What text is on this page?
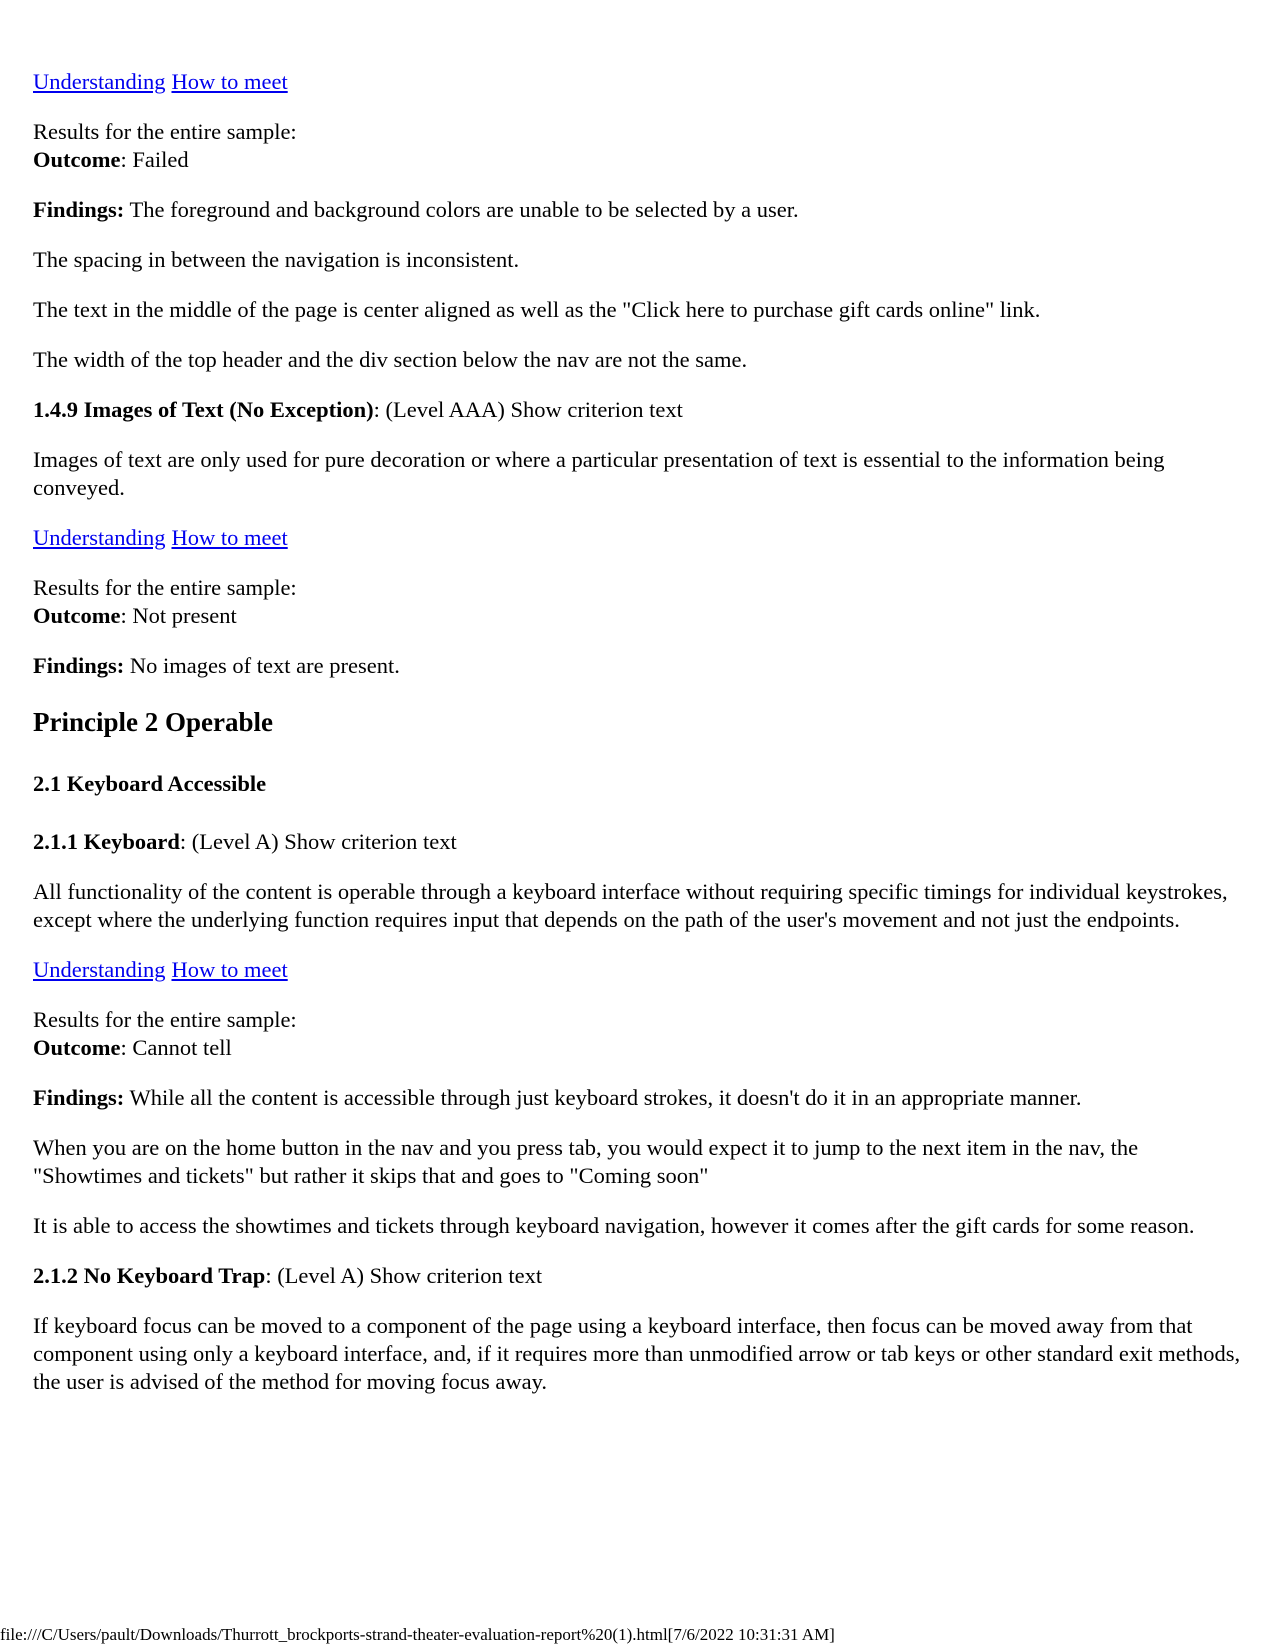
Understanding How to meet

Results for the entire sample:
Outcome: Failed

Findings: The foreground and background colors are unable to be selected by a user.

The spacing in between the navigation is inconsistent.

The text in the middle of the page is center aligned as well as the "Click here to purchase gift cards online" link.

The width of the top header and the div section below the nav are not the same.

1.4.9 Images of Text (No Exception): (Level AAA) Show criterion text

Images of text are only used for pure decoration or where a particular presentation of text is essential to the information being conveyed.

Understanding How to meet

Results for the entire sample:
Outcome: Not present

Findings: No images of text are present.

Principle 2 Operable
2.1 Keyboard Accessible

2.1.1 Keyboard: (Level A) Show criterion text

All functionality of the content is operable through a keyboard interface without requiring specific timings for individual keystrokes, except where the underlying function requires input that depends on the path of the user's movement and not just the endpoints.

Understanding How to meet

Results for the entire sample:
Outcome: Cannot tell

Findings: While all the content is accessible through just keyboard strokes, it doesn't do it in an appropriate manner.

When you are on the home button in the nav and you press tab, you would expect it to jump to the next item in the nav, the "Showtimes and tickets" but rather it skips that and goes to "Coming soon"

It is able to access the showtimes and tickets through keyboard navigation, however it comes after the gift cards for some reason.

2.1.2 No Keyboard Trap: (Level A) Show criterion text

If keyboard focus can be moved to a component of the page using a keyboard interface, then focus can be moved away from that component using only a keyboard interface, and, if it requires more than unmodified arrow or tab keys or other standard exit methods, the user is advised of the method for moving focus away.

file:///C/Users/pault/Downloads/Thurrott_brockports-strand-theater-evaluation-report%20(1).html[7/6/2022 10:31:31 AM]
